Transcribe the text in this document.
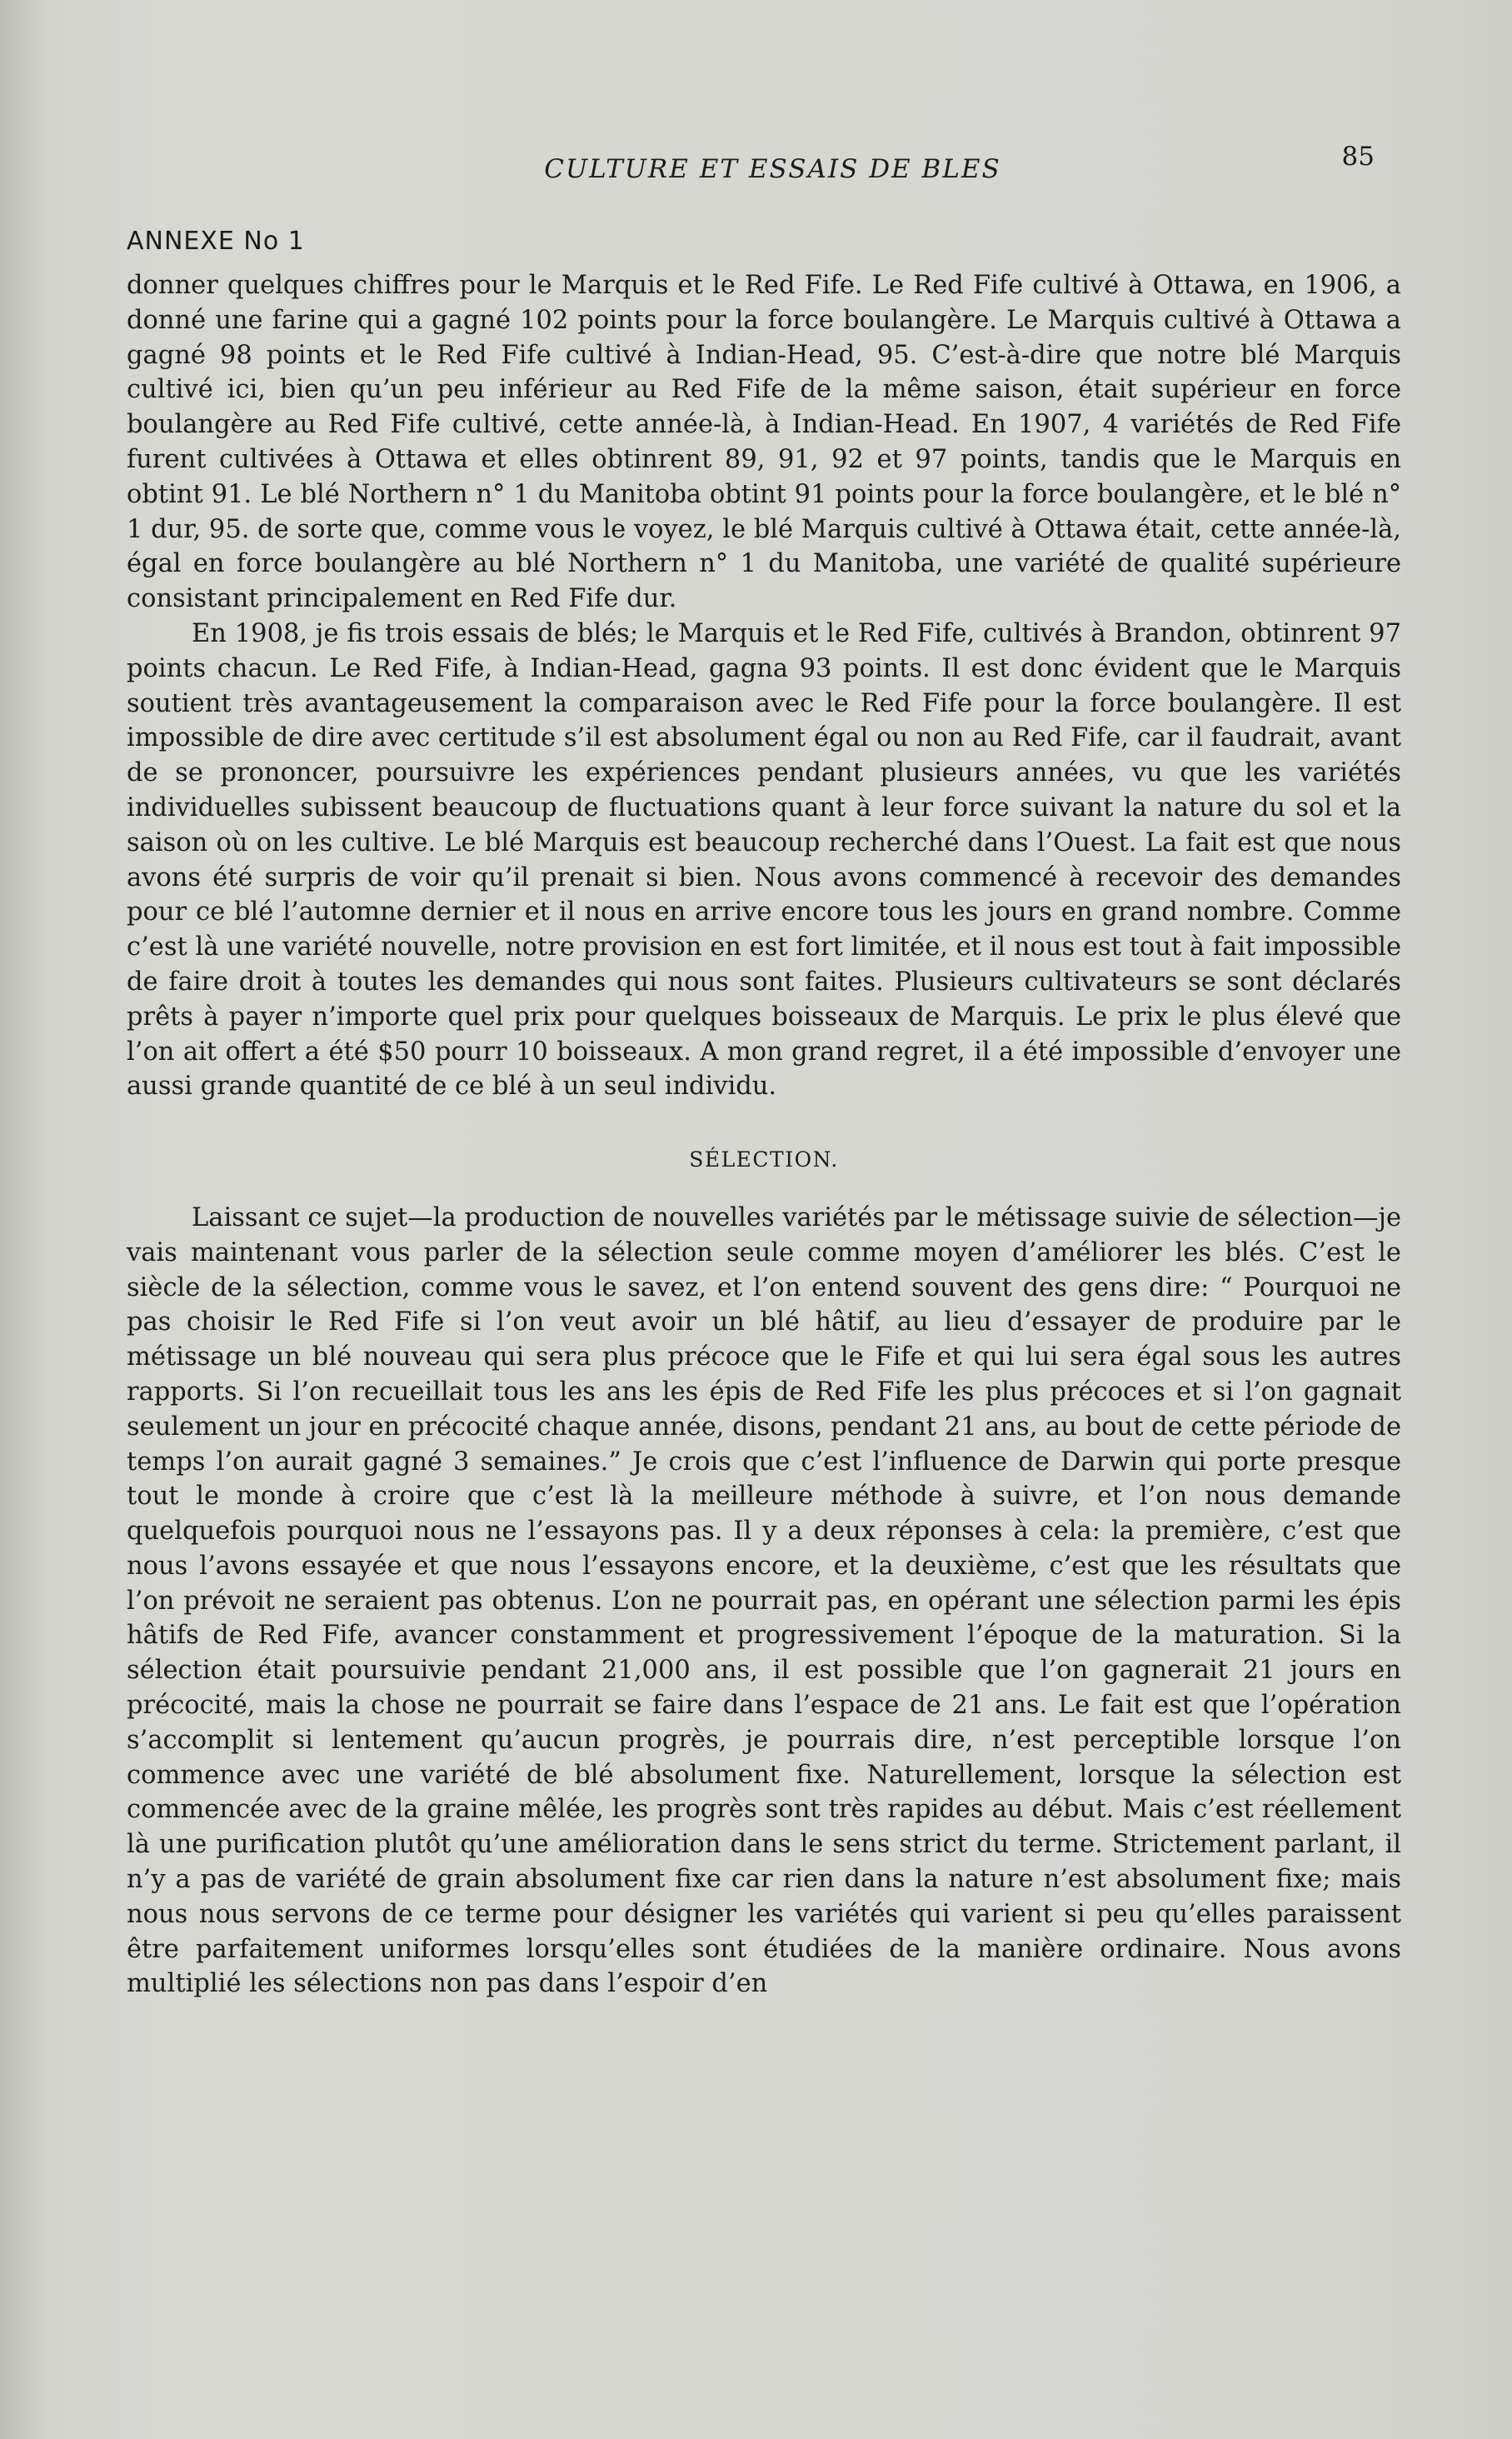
CULTURE ET ESSAIS DE BLES	85
ANNEXE No 1

donner quelques chiffres pour le Marquis et le Red Fife. Le Red Fife cultivé à Ottawa, en 1906, a donné une farine qui a gagné 102 points pour la force boulangère. Le Marquis cultivé à Ottawa a gagné 98 points et le Red Fife cultivé à Indian-Head, 95. C’est-à-dire que notre blé Marquis cultivé ici, bien qu’un peu inférieur au Red Fife de la même saison, était supérieur en force boulangère au Red Fife cultivé, cette année-là, à Indian-Head. En 1907, 4 variétés de Red Fife furent cultivées à Ottawa et elles obtinrent 89, 91, 92 et 97 points, tandis que le Marquis en obtint 91. Le blé Northern n° 1 du Manitoba obtint 91 points pour la force boulangère, et le blé n° 1 dur, 95. de sorte que, comme vous le voyez, le blé Marquis cultivé à Ottawa était, cette année-là, égal en force boulangère au blé Northern n° 1 du Manitoba, une variété de qualité supérieure consistant principalement en Red Fife dur.

En 1908, je fis trois essais de blés; le Marquis et le Red Fife, cultivés à Brandon, obtinrent 97 points chacun. Le Red Fife, à Indian-Head, gagna 93 points. Il est donc évident que le Marquis soutient très avantageusement la comparaison avec le Red Fife pour la force boulangère. Il est impossible de dire avec certitude s’il est absolument égal ou non au Red Fife, car il faudrait, avant de se prononcer, poursuivre les expériences pendant plusieurs années, vu que les variétés individuelles subissent beaucoup de fluctuations quant à leur force suivant la nature du sol et la saison où on les cultive. Le blé Marquis est beaucoup recherché dans l’Ouest. La fait est que nous avons été surpris de voir qu’il prenait si bien. Nous avons commencé à recevoir des demandes pour ce blé l’automne dernier et il nous en arrive encore tous les jours en grand nombre. Comme c’est là une variété nouvelle, notre provision en est fort limitée, et il nous est tout à fait impossible de faire droit à toutes les demandes qui nous sont faites. Plusieurs cultivateurs se sont déclarés prêts à payer n’importe quel prix pour quelques boisseaux de Marquis. Le prix le plus élevé que l’on ait offert a été $50 pourr 10 boisseaux. A mon grand regret, il a été impossible d’envoyer une aussi grande quantité de ce blé à un seul individu.

SÉLECTION.

Laissant ce sujet—la production de nouvelles variétés par le métissage suivie de sélection—je vais maintenant vous parler de la sélection seule comme moyen d’améliorer les blés. C’est le siècle de la sélection, comme vous le savez, et l’on entend souvent des gens dire: “ Pourquoi ne pas choisir le Red Fife si l’on veut avoir un blé hâtif, au lieu d’essayer de produire par le métissage un blé nouveau qui sera plus précoce que le Fife et qui lui sera égal sous les autres rapports. Si l’on recueillait tous les ans les épis de Red Fife les plus précoces et si l’on gagnait seulement un jour en précocité chaque année, disons, pendant 21 ans, au bout de cette période de temps l’on aurait gagné 3 semaines.” Je crois que c’est l’influence de Darwin qui porte presque tout le monde à croire que c’est là la meilleure méthode à suivre, et l’on nous demande quelquefois pourquoi nous ne l’essayons pas. Il y a deux réponses à cela: la première, c’est que nous l’avons essayée et que nous l’essayons encore, et la deuxième, c’est que les résultats que l’on prévoit ne seraient pas obtenus. L’on ne pourrait pas, en opérant une sélection parmi les épis hâtifs de Red Fife, avancer constamment et progressivement l’époque de la maturation. Si la sélection était poursuivie pendant 21,000 ans, il est possible que l’on gagnerait 21 jours en précocité, mais la chose ne pourrait se faire dans l’espace de 21 ans. Le fait est que l’opération s’accomplit si lentement qu’aucun progrès, je pourrais dire, n’est perceptible lorsque l’on commence avec une variété de blé absolument fixe. Naturellement, lorsque la sélection est commencée avec de la graine mêlée, les progrès sont très rapides au début. Mais c’est réellement là une purification plutôt qu’une amélioration dans le sens strict du terme. Strictement parlant, il n’y a pas de variété de grain absolument fixe car rien dans la nature n’est absolument fixe; mais nous nous servons de ce terme pour désigner les variétés qui varient si peu qu’elles paraissent être parfaitement uniformes lorsqu’elles sont étudiées de la manière ordinaire. Nous avons multiplié les sélections non pas dans l’espoir d’en
